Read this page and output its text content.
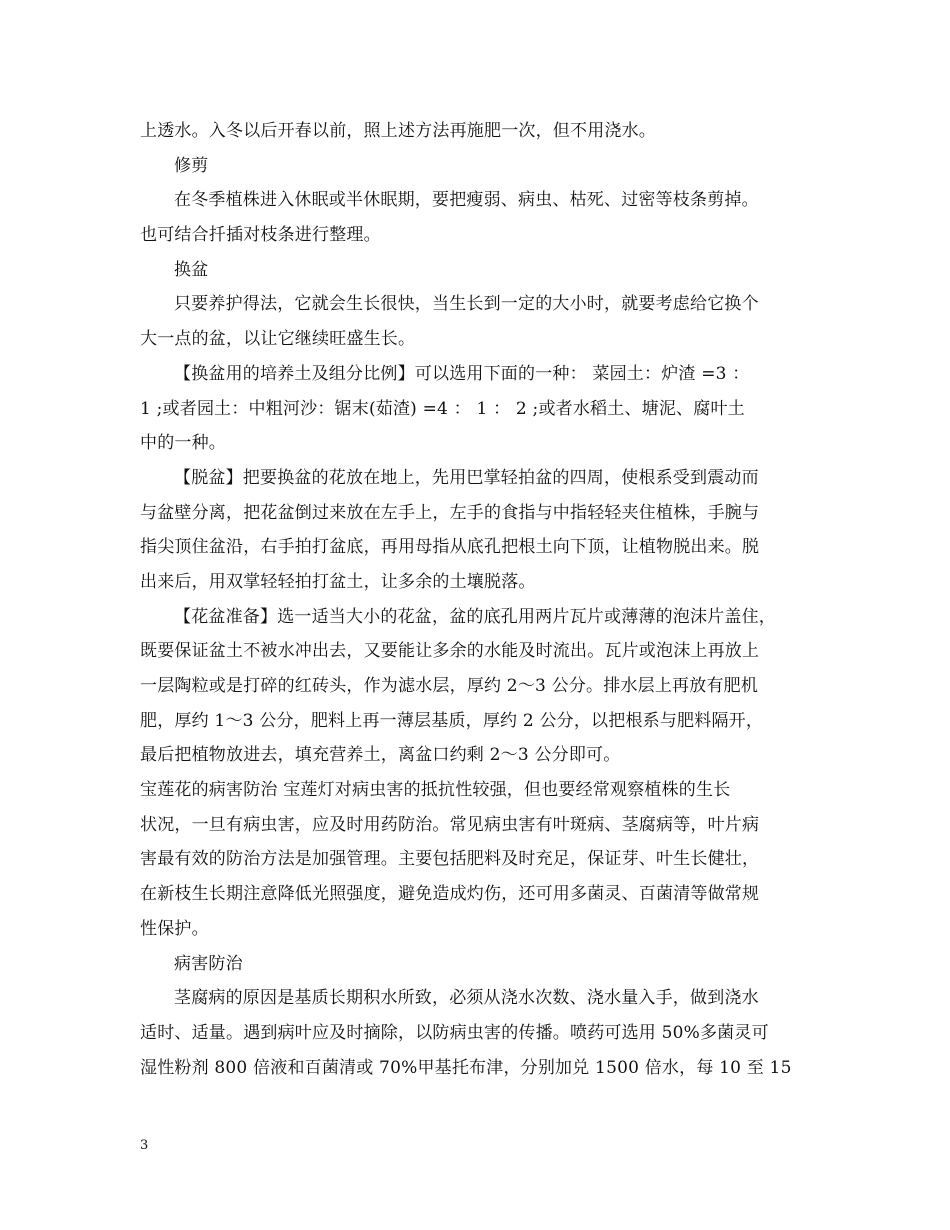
上透水。入冬以后开春以前，照上述方法再施肥一次，但不用浇水。
修剪
在冬季植株进入休眠或半休眠期，要把瘦弱、病虫、枯死、过密等枝条剪掉。
也可结合扦插对枝条进行整理。
换盆
只要养护得法，它就会生长很快，当生长到一定的大小时，就要考虑给它换个
大一点的盆，以让它继续旺盛生长。
【换盆用的培养土及组分比例】可以选用下面的一种： 菜园土：炉渣 =3 ：
1 ;或者园土：中粗河沙：锯末(茹渣) =4 ： 1 ： 2 ;或者水稻土、塘泥、腐叶土
中的一种。
【脱盆】把要换盆的花放在地上，先用巴掌轻拍盆的四周，使根系受到震动而
与盆壁分离，把花盆倒过来放在左手上，左手的食指与中指轻轻夹住植株，手腕与
指尖顶住盆沿，右手拍打盆底，再用母指从底孔把根土向下顶，让植物脱出来。脱
出来后，用双掌轻轻拍打盆土，让多余的土壤脱落。
【花盆准备】选一适当大小的花盆，盆的底孔用两片瓦片或薄薄的泡沫片盖住，
既要保证盆土不被水冲出去，又要能让多余的水能及时流出。瓦片或泡沫上再放上
一层陶粒或是打碎的红砖头，作为滤水层，厚约 2～3 公分。排水层上再放有肥机
肥，厚约 1～3 公分，肥料上再一薄层基质，厚约 2 公分，以把根系与肥料隔开，
最后把植物放进去，填充营养土，离盆口约剩 2～3 公分即可。
宝莲花的病害防治 宝莲灯对病虫害的抵抗性较强，但也要经常观察植株的生长
状况，一旦有病虫害，应及时用药防治。常见病虫害有叶斑病、茎腐病等，叶片病
害最有效的防治方法是加强管理。主要包括肥料及时充足，保证芽、叶生长健壮，
在新枝生长期注意降低光照强度，避免造成灼伤，还可用多菌灵、百菌清等做常规
性保护。
病害防治
茎腐病的原因是基质长期积水所致，必须从浇水次数、浇水量入手，做到浇水
适时、适量。遇到病叶应及时摘除，以防病虫害的传播。喷药可选用 50%多菌灵可
湿性粉剂 800 倍液和百菌清或 70%甲基托布津，分别加兑 1500 倍水，每 10 至 15
3
